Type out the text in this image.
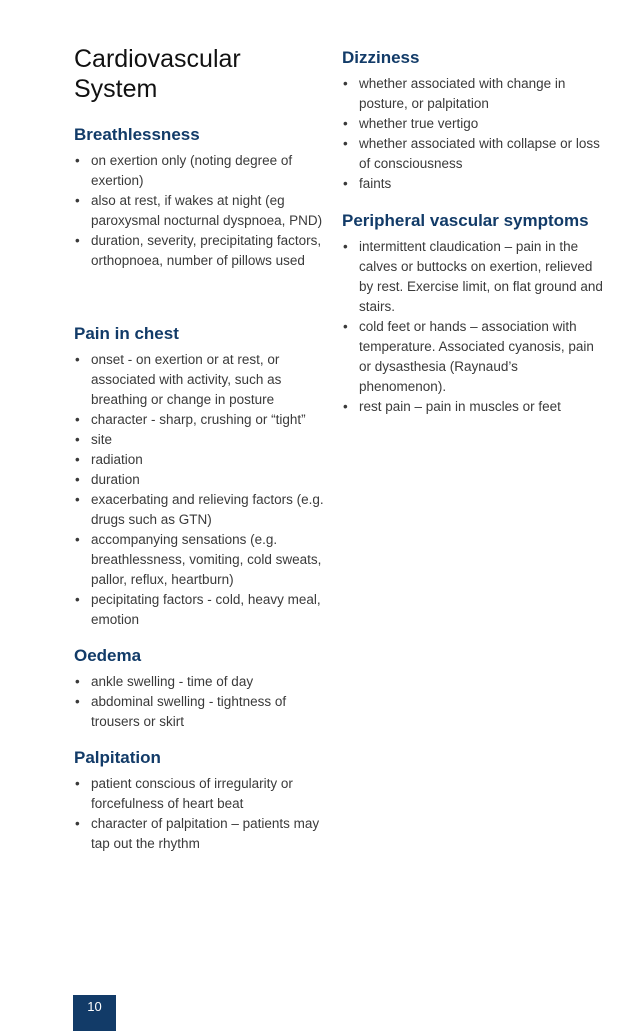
Cardiovascular System
Breathlessness
• on exertion only (noting degree of exertion)
• also at rest, if wakes at night (eg paroxysmal nocturnal dyspnoea, PND)
• duration, severity, precipitating factors, orthopnoea, number of pillows used
Pain in chest
• onset - on exertion or at rest, or associated with activity, such as breathing or change in posture
• character - sharp, crushing or “tight”
• site
• radiation
• duration
• exacerbating and relieving factors (e.g. drugs such as GTN)
• accompanying sensations (e.g. breathlessness, vomiting, cold sweats, pallor, reflux, heartburn)
• pecipitating factors - cold, heavy meal, emotion
Oedema
• ankle swelling - time of day
• abdominal swelling - tightness of trousers or skirt
Palpitation
• patient conscious of irregularity or forcefulness of heart beat
• character of palpitation – patients may tap out the rhythm
Dizziness
• whether associated with change in posture, or palpitation
• whether true vertigo
• whether associated with collapse or loss of consciousness
• faints
Peripheral vascular symptoms
• intermittent claudication – pain in the calves or buttocks on exertion, relieved by rest. Exercise limit, on flat ground and stairs.
• cold feet or hands – association with temperature. Associated cyanosis, pain or dysasthesia (Raynaud’s phenomenon).
• rest pain – pain in muscles or feet
10
